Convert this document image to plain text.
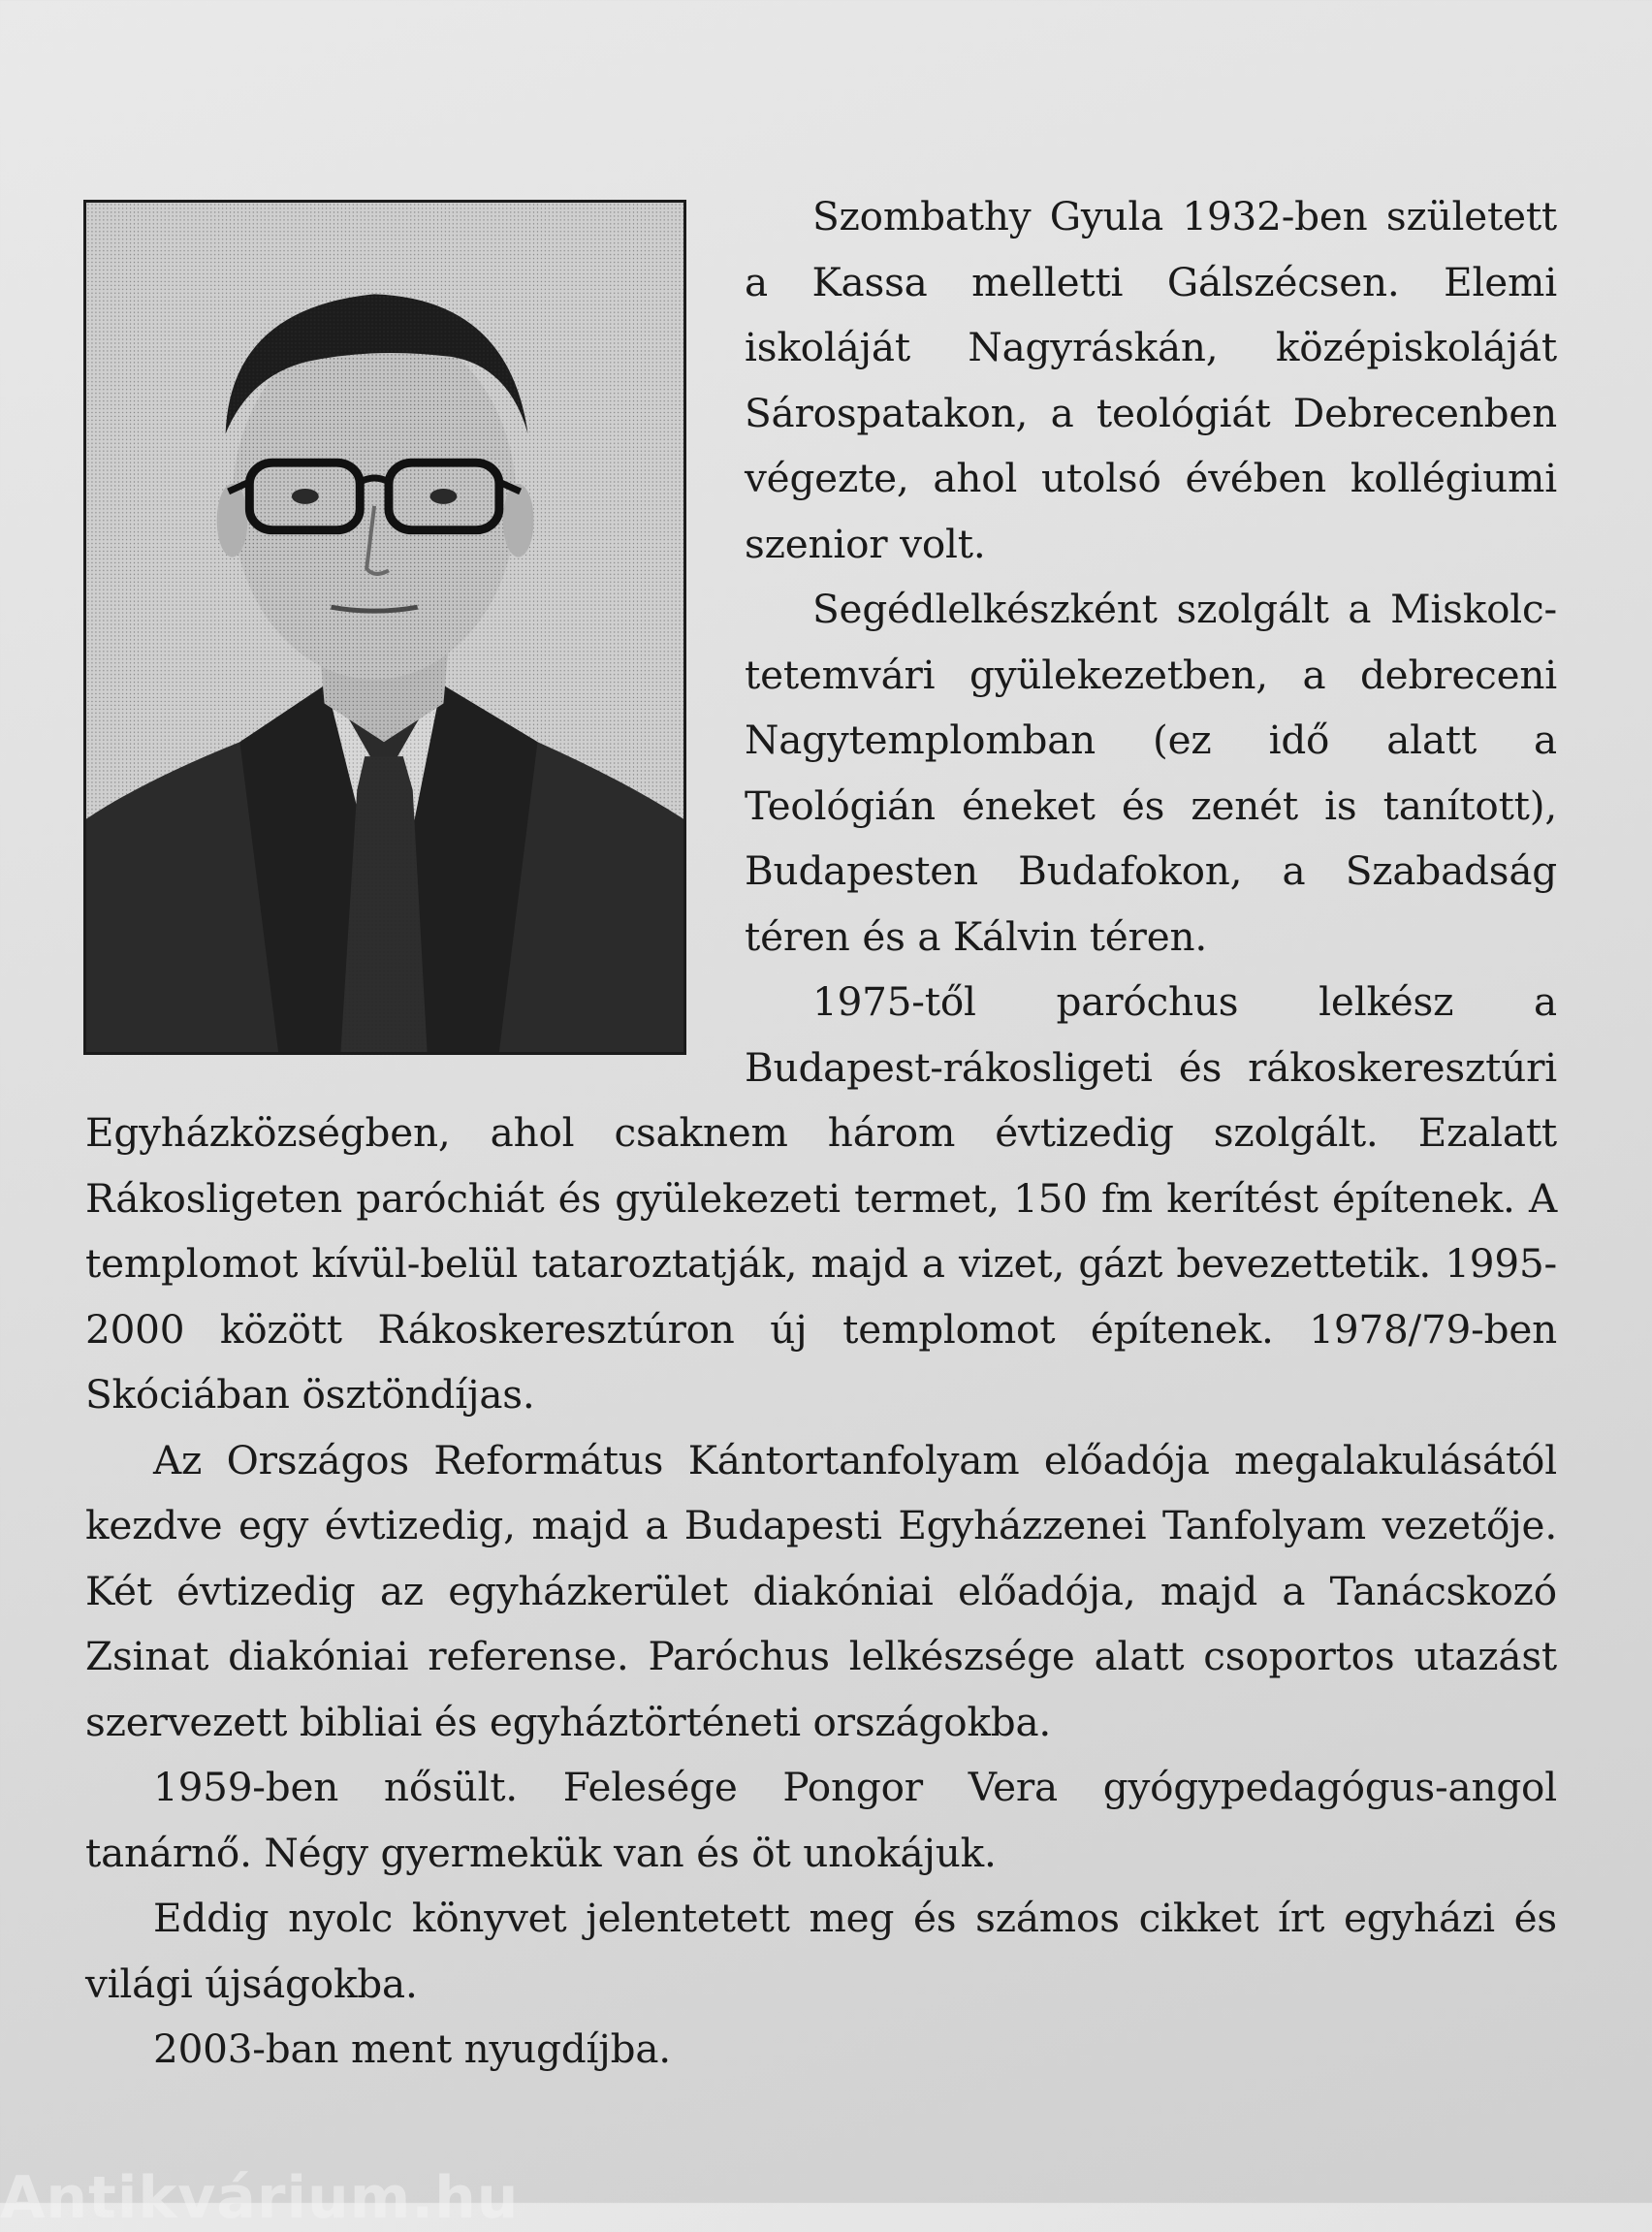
Szombathy Gyula 1932-ben született a Kassa melletti Gálszécsen. Elemi iskoláját Nagyráskán, középiskoláját Sárospatakon, a teológiát Debrecenben végezte, ahol utolsó évében kollégiumi szenior volt.

Segédlelkészként szolgált a Miskolc-tetemvári gyülekezetben, a debreceni Nagytemplomban (ez idő alatt a Teológián éneket és zenét is tanított), Budapesten Budafokon, a Szabadság téren és a Kálvin téren.

1975-től paróchus lelkész a Budapest-rákosligeti és rákoskeresztúri Egyházközségben, ahol csaknem három évtizedig szolgált. Ezalatt Rákosligeten paróchiát és gyülekezeti termet, 150 fm kerítést építenek. A templomot kívül-belül tataroztatják, majd a vizet, gázt bevezettetik. 1995-2000 között Rákoskeresztúron új templomot építenek. 1978/79-ben Skóciában ösztöndíjas.

Az Országos Református Kántortanfolyam előadója megalakulásától kezdve egy évtizedig, majd a Budapesti Egyházzenei Tanfolyam vezetője. Két évtizedig az egyházkerület diakóniai előadója, majd a Tanácskozó Zsinat diakóniai referense. Paróchus lelkészsége alatt csoportos utazást szervezett bibliai és egyháztörténeti országokba.

1959-ben nősült. Felesége Pongor Vera gyógypedagógus-angol tanárnő. Négy gyermekük van és öt unokájuk.

Eddig nyolc könyvet jelentetett meg és számos cikket írt egyházi és világi újságokba.

2003-ban ment nyugdíjba.

Antikvárium.hu
